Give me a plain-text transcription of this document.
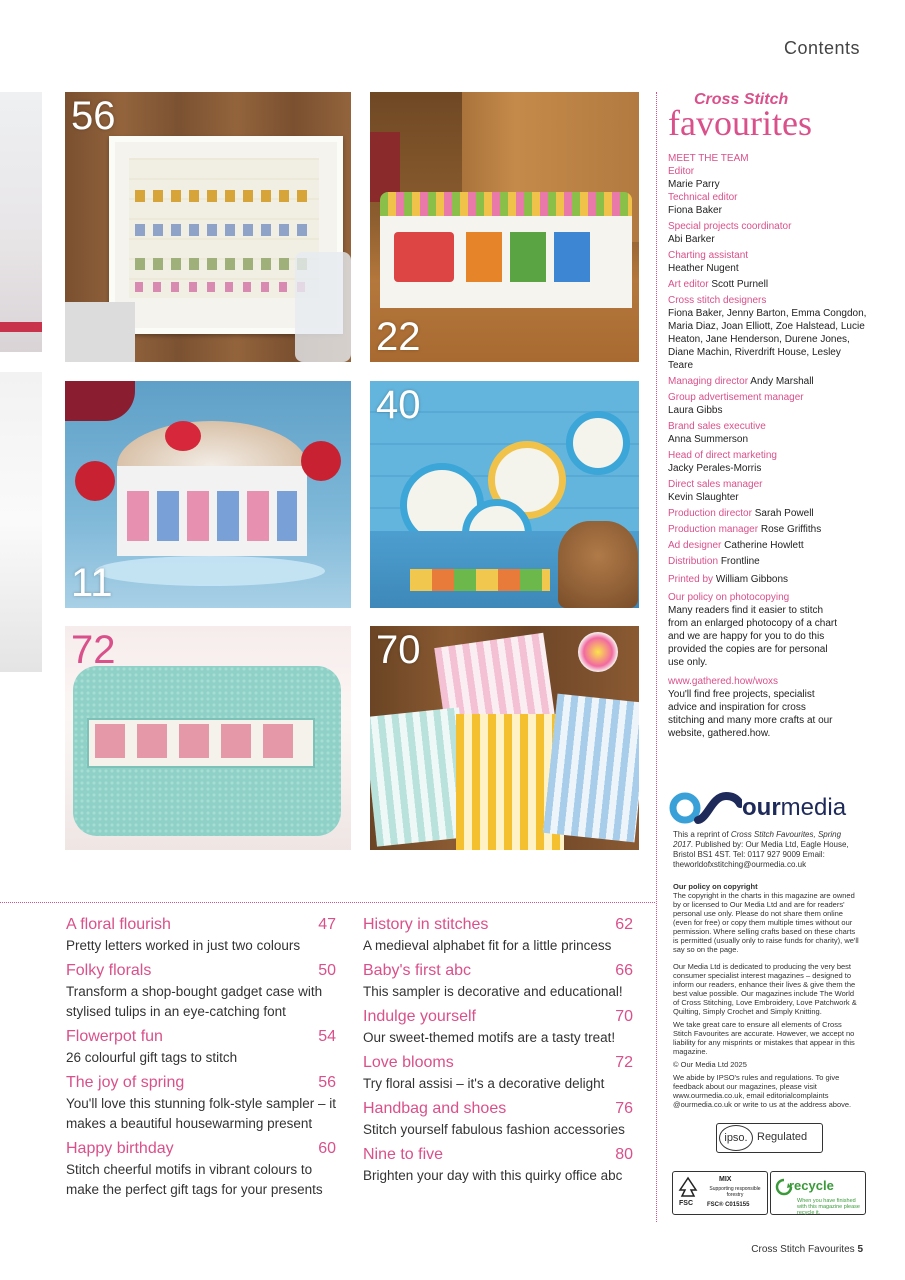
Contents
56
22
11
40
72	70
Cross Stitch
favourites
MEET THE TEAM
Editor
Marie Parry
Technical editor
Fiona Baker
Special projects coordinator
Abi Barker
Charting assistant
Heather Nugent
Art editor Scott Purnell
Cross stitch designers
Fiona Baker, Jenny Barton, Emma Congdon, Maria Diaz, Joan Elliott, Zoe Halstead, Lucie Heaton, Jane Henderson, Durene Jones, Diane Machin, Riverdrift House, Lesley Teare
Managing director Andy Marshall
Group advertisement manager
Laura Gibbs
Brand sales executive
Anna Summerson
Head of direct marketing
Jacky Perales-Morris
Direct sales manager
Kevin Slaughter
Production director Sarah Powell
Production manager Rose Griffiths
Ad designer Catherine Howlett
Distribution Frontline
Printed by William Gibbons
Our policy on photocopying
Many readers find it easier to stitch from an enlarged photocopy of a chart and we are happy for you to do this provided the copies are for personal use only.
www.gathered.how/woxs
You'll find free projects, specialist advice and inspiration for cross stitching and many more crafts at our website, gathered.how.
ourmedia
This a reprint of Cross Stitch Favourites, Spring 2017. Published by: Our Media Ltd, Eagle House, Bristol BS1 4ST. Tel: 0117 927 9009 Email: theworldofxstitching@ourmedia.co.uk
Our policy on copyright
The copyright in the charts in this magazine are owned by or licensed to Our Media Ltd and are for readers' personal use only. Please do not share them online (even for free) or copy them multiple times without our permission. Where selling crafts based on these charts is permitted (usually only to raise funds for charity), we'll say so on the page.
Our Media Ltd is dedicated to producing the very best consumer specialist interest magazines – designed to inform our readers, enhance their lives & give them the best value possible. Our magazines include The World of Cross Stitching, Love Embroidery, Love Patchwork & Quilting, Simply Crochet and Simply Knitting.
We take great care to ensure all elements of Cross Stitch Favourites are accurate. However, we accept no liability for any misprints or mistakes that appear in this magazine.
© Our Media Ltd 2025
We abide by IPSO's rules and regulations. To give feedback about our magazines, please visit www.ourmedia.co.uk, email editorialcomplaints @ourmedia.co.uk or write to us at the address above.
ipso. Regulated
FSC
MIX
Supporting responsible forestry
FSC® C015155
recycle
When you have finished with this magazine please recycle it.
A floral flourish	47
Pretty letters worked in just two colours
Folky florals	50
Transform a shop-bought gadget case with stylised tulips in an eye-catching font
Flowerpot fun	54
26 colourful gift tags to stitch
The joy of spring	56
You'll love this stunning folk-style sampler – it makes a beautiful housewarming present
Happy birthday	60
Stitch cheerful motifs in vibrant colours to make the perfect gift tags for your presents
History in stitches	62
A medieval alphabet fit for a little princess
Baby's first abc	66
This sampler is decorative and educational!
Indulge yourself	70
Our sweet-themed motifs are a tasty treat!
Love blooms	72
Try floral assisi – it's a decorative delight
Handbag and shoes	76
Stitch yourself fabulous fashion accessories
Nine to five	80
Brighten your day with this quirky office abc
Cross Stitch Favourites 5
